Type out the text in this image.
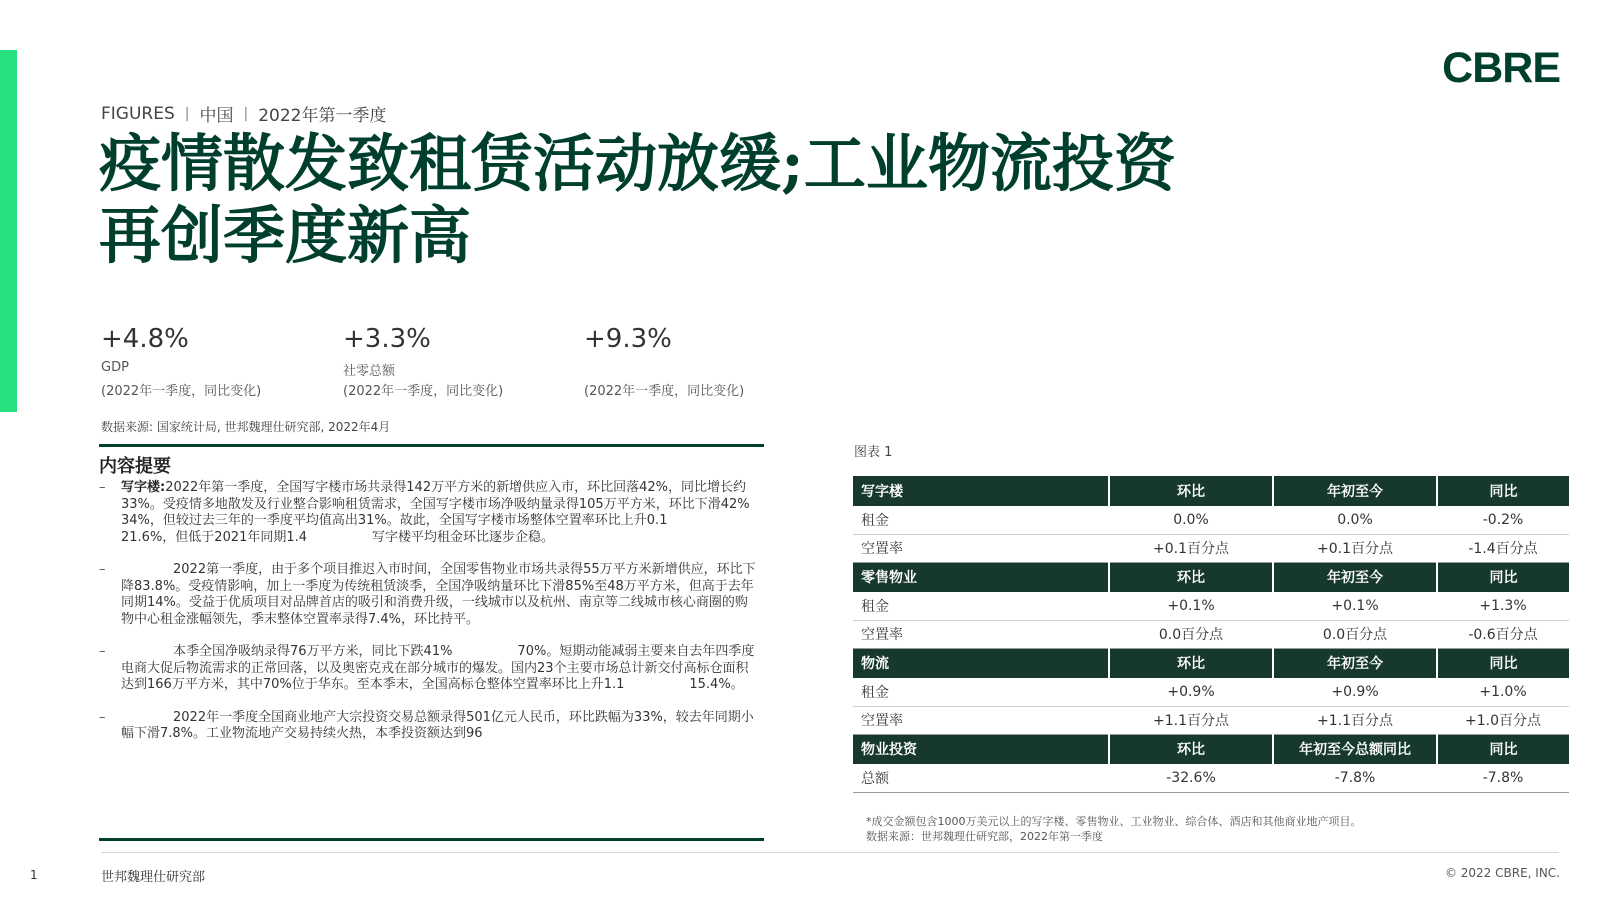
CBRE
FIGURES | 中国 | 2022年第一季度
疫情散发致租赁活动放缓;工业物流投资
再创季度新高
+4.8%
GDP
(2022年一季度，同比变化)
+3.3%
社零总额
(2022年一季度，同比变化)
+9.3%
(2022年一季度，同比变化)
数据来源: 国家统计局, 世邦魏理仕研究部, 2022年4月
内容提要
– 写字楼:2022年第一季度，全国写字楼市场共录得142万平方米的新增供应入市，环比回落42%，同比增长约33%。受疫情多地散发及行业整合影响租赁需求，全国写字楼市场净吸纳量录得105万平方米，环比下滑42%　　　　　34%，但较过去三年的一季度平均值高出31%。故此，全国写字楼市场整体空置率环比上升0.1　　　　　21.6%，但低于2021年同期1.4　　　　　写字楼平均租金环比逐步企稳。
– 　　　　2022第一季度，由于多个项目推迟入市时间，全国零售物业市场共录得55万平方米新增供应，环比下降83.8%。受疫情影响，加上一季度为传统租赁淡季，全国净吸纳量环比下滑85%至48万平方米，但高于去年同期14%。受益于优质项目对品牌首店的吸引和消费升级，一线城市以及杭州、南京等二线城市核心商圈的购物中心租金涨幅领先，季末整体空置率录得7.4%，环比持平。
– 　　　　本季全国净吸纳录得76万平方米，同比下跌41%　　　　　70%。短期动能减弱主要来自去年四季度电商大促后物流需求的正常回落，以及奥密克戎在部分城市的爆发。国内23个主要市场总计新交付高标仓面积达到166万平方米，其中70%位于华东。至本季末，全国高标仓整体空置率环比上升1.1　　　　　15.4%。
– 　　　　2022年一季度全国商业地产大宗投资交易总额录得501亿元人民币，环比跌幅为33%，较去年同期小幅下滑7.8%。工业物流地产交易持续火热，本季投资额达到96
图表 1
写字楼	环比	年初至今	同比
租金	0.0%	0.0%	-0.2%
空置率	+0.1百分点	+0.1百分点	-1.4百分点
零售物业	环比	年初至今	同比
租金	+0.1%	+0.1%	+1.3%
空置率	0.0百分点	0.0百分点	-0.6百分点
物流	环比	年初至今	同比
租金	+0.9%	+0.9%	+1.0%
空置率	+1.1百分点	+1.1百分点	+1.0百分点
物业投资	环比	年初至今总额同比	同比
总额	-32.6%	-7.8%	-7.8%
*成交金额包含1000万美元以上的写字楼、零售物业、工业物业、综合体、酒店和其他商业地产项目。
数据来源：世邦魏理仕研究部，2022年第一季度
1	世邦魏理仕研究部	© 2022 CBRE, INC.
